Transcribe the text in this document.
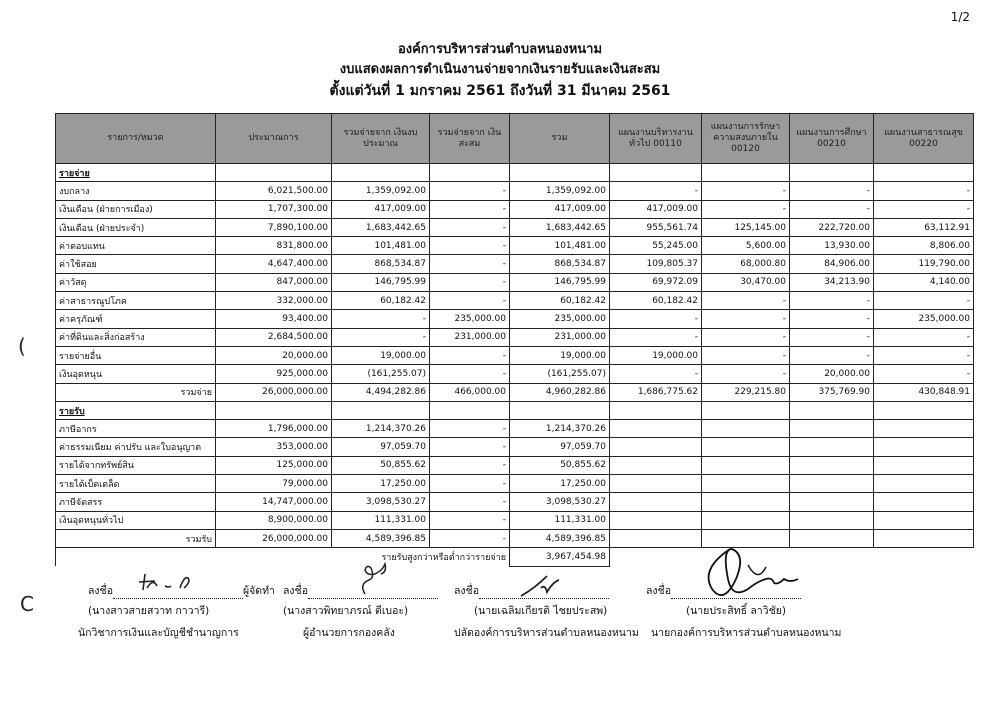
1/2
องค์การบริหารส่วนตำบลหนองหนาม
งบแสดงผลการดำเนินงานจ่ายจากเงินรายรับและเงินสะสม
ตั้งแต่วันที่ 1 มกราคม 2561 ถึงวันที่ 31 มีนาคม 2561
รายการ/หมวด	ประมาณการ	รวมจ่ายจาก เงินงบประมาณ	รวมจ่ายจาก เงินสะสม	รวม	แผนงานบริหารงาน ทั่วไป 00110	แผนงานการรักษา ความสงบภายใน 00120	แผนงานการศึกษา 00210	แผนงานสาธารณสุข 00220
รายจ่าย								
งบกลาง	6,021,500.00	1,359,092.00	-	1,359,092.00	-	-	-	-
เงินเดือน (ฝ่ายการเมือง)	1,707,300.00	417,009.00	-	417,009.00	417,009.00	-	-	-
เงินเดือน (ฝ่ายประจำ)	7,890,100.00	1,683,442.65	-	1,683,442.65	955,561.74	125,145.00	222,720.00	63,112.91
ค่าตอบแทน	831,800.00	101,481.00	-	101,481.00	55,245.00	5,600.00	13,930.00	8,806.00
ค่าใช้สอย	4,647,400.00	868,534.87	-	868,534.87	109,805.37	68,000.80	84,906.00	119,790.00
ค่าวัสดุ	847,000.00	146,795.99	-	146,795.99	69,972.09	30,470.00	34,213.90	4,140.00
ค่าสาธารณูปโภค	332,000.00	60,182.42	-	60,182.42	60,182.42	-	-	-
ค่าครุภัณฑ์	93,400.00	-	235,000.00	235,000.00	-	-	-	235,000.00
ค่าที่ดินและสิ่งก่อสร้าง	2,684,500.00	-	231,000.00	231,000.00	-	-	-	-
รายจ่ายอื่น	20,000.00	19,000.00	-	19,000.00	19,000.00	-	-	-
เงินอุดหนุน	925,000.00	(161,255.07)	-	(161,255.07)	-	-	20,000.00	-
รวมจ่าย	26,000,000.00	4,494,282.86	466,000.00	4,960,282.86	1,686,775.62	229,215.80	375,769.90	430,848.91
รายรับ								
ภาษีอากร	1,796,000.00	1,214,370.26	-	1,214,370.26				
ค่าธรรมเนียม ค่าปรับ และใบอนุญาต	353,000.00	97,059.70	-	97,059.70				
รายได้จากทรัพย์สิน	125,000.00	50,855.62	-	50,855.62				
รายได้เบ็ดเตล็ด	79,000.00	17,250.00	-	17,250.00				
ภาษีจัดสรร	14,747,000.00	3,098,530.27	-	3,098,530.27				
เงินอุดหนุนทั่วไป	8,900,000.00	111,331.00	-	111,331.00				
รวมรับ	26,000,000.00	4,589,396.85	-	4,589,396.85				
รายรับสูงกว่าหรือต่ำกว่ารายจ่าย				3,967,454.98				
ลงชื่อ	ผู้จัดทำ
(นางสาวสายสวาท กาวารี)
นักวิชาการเงินและบัญชีชำนาญการ
ลงชื่อ
(นางสาวพิทยาภรณ์ ตีเบอะ)
ผู้อำนวยการกองคลัง
ลงชื่อ
(นายเฉลิมเกียรติ ไชยประสพ)
ปลัดองค์การบริหารส่วนตำบลหนองหนาม
ลงชื่อ
(นายประสิทธิ์ ลาวิชัย)
นายกองค์การบริหารส่วนตำบลหนองหนาม
(
C
